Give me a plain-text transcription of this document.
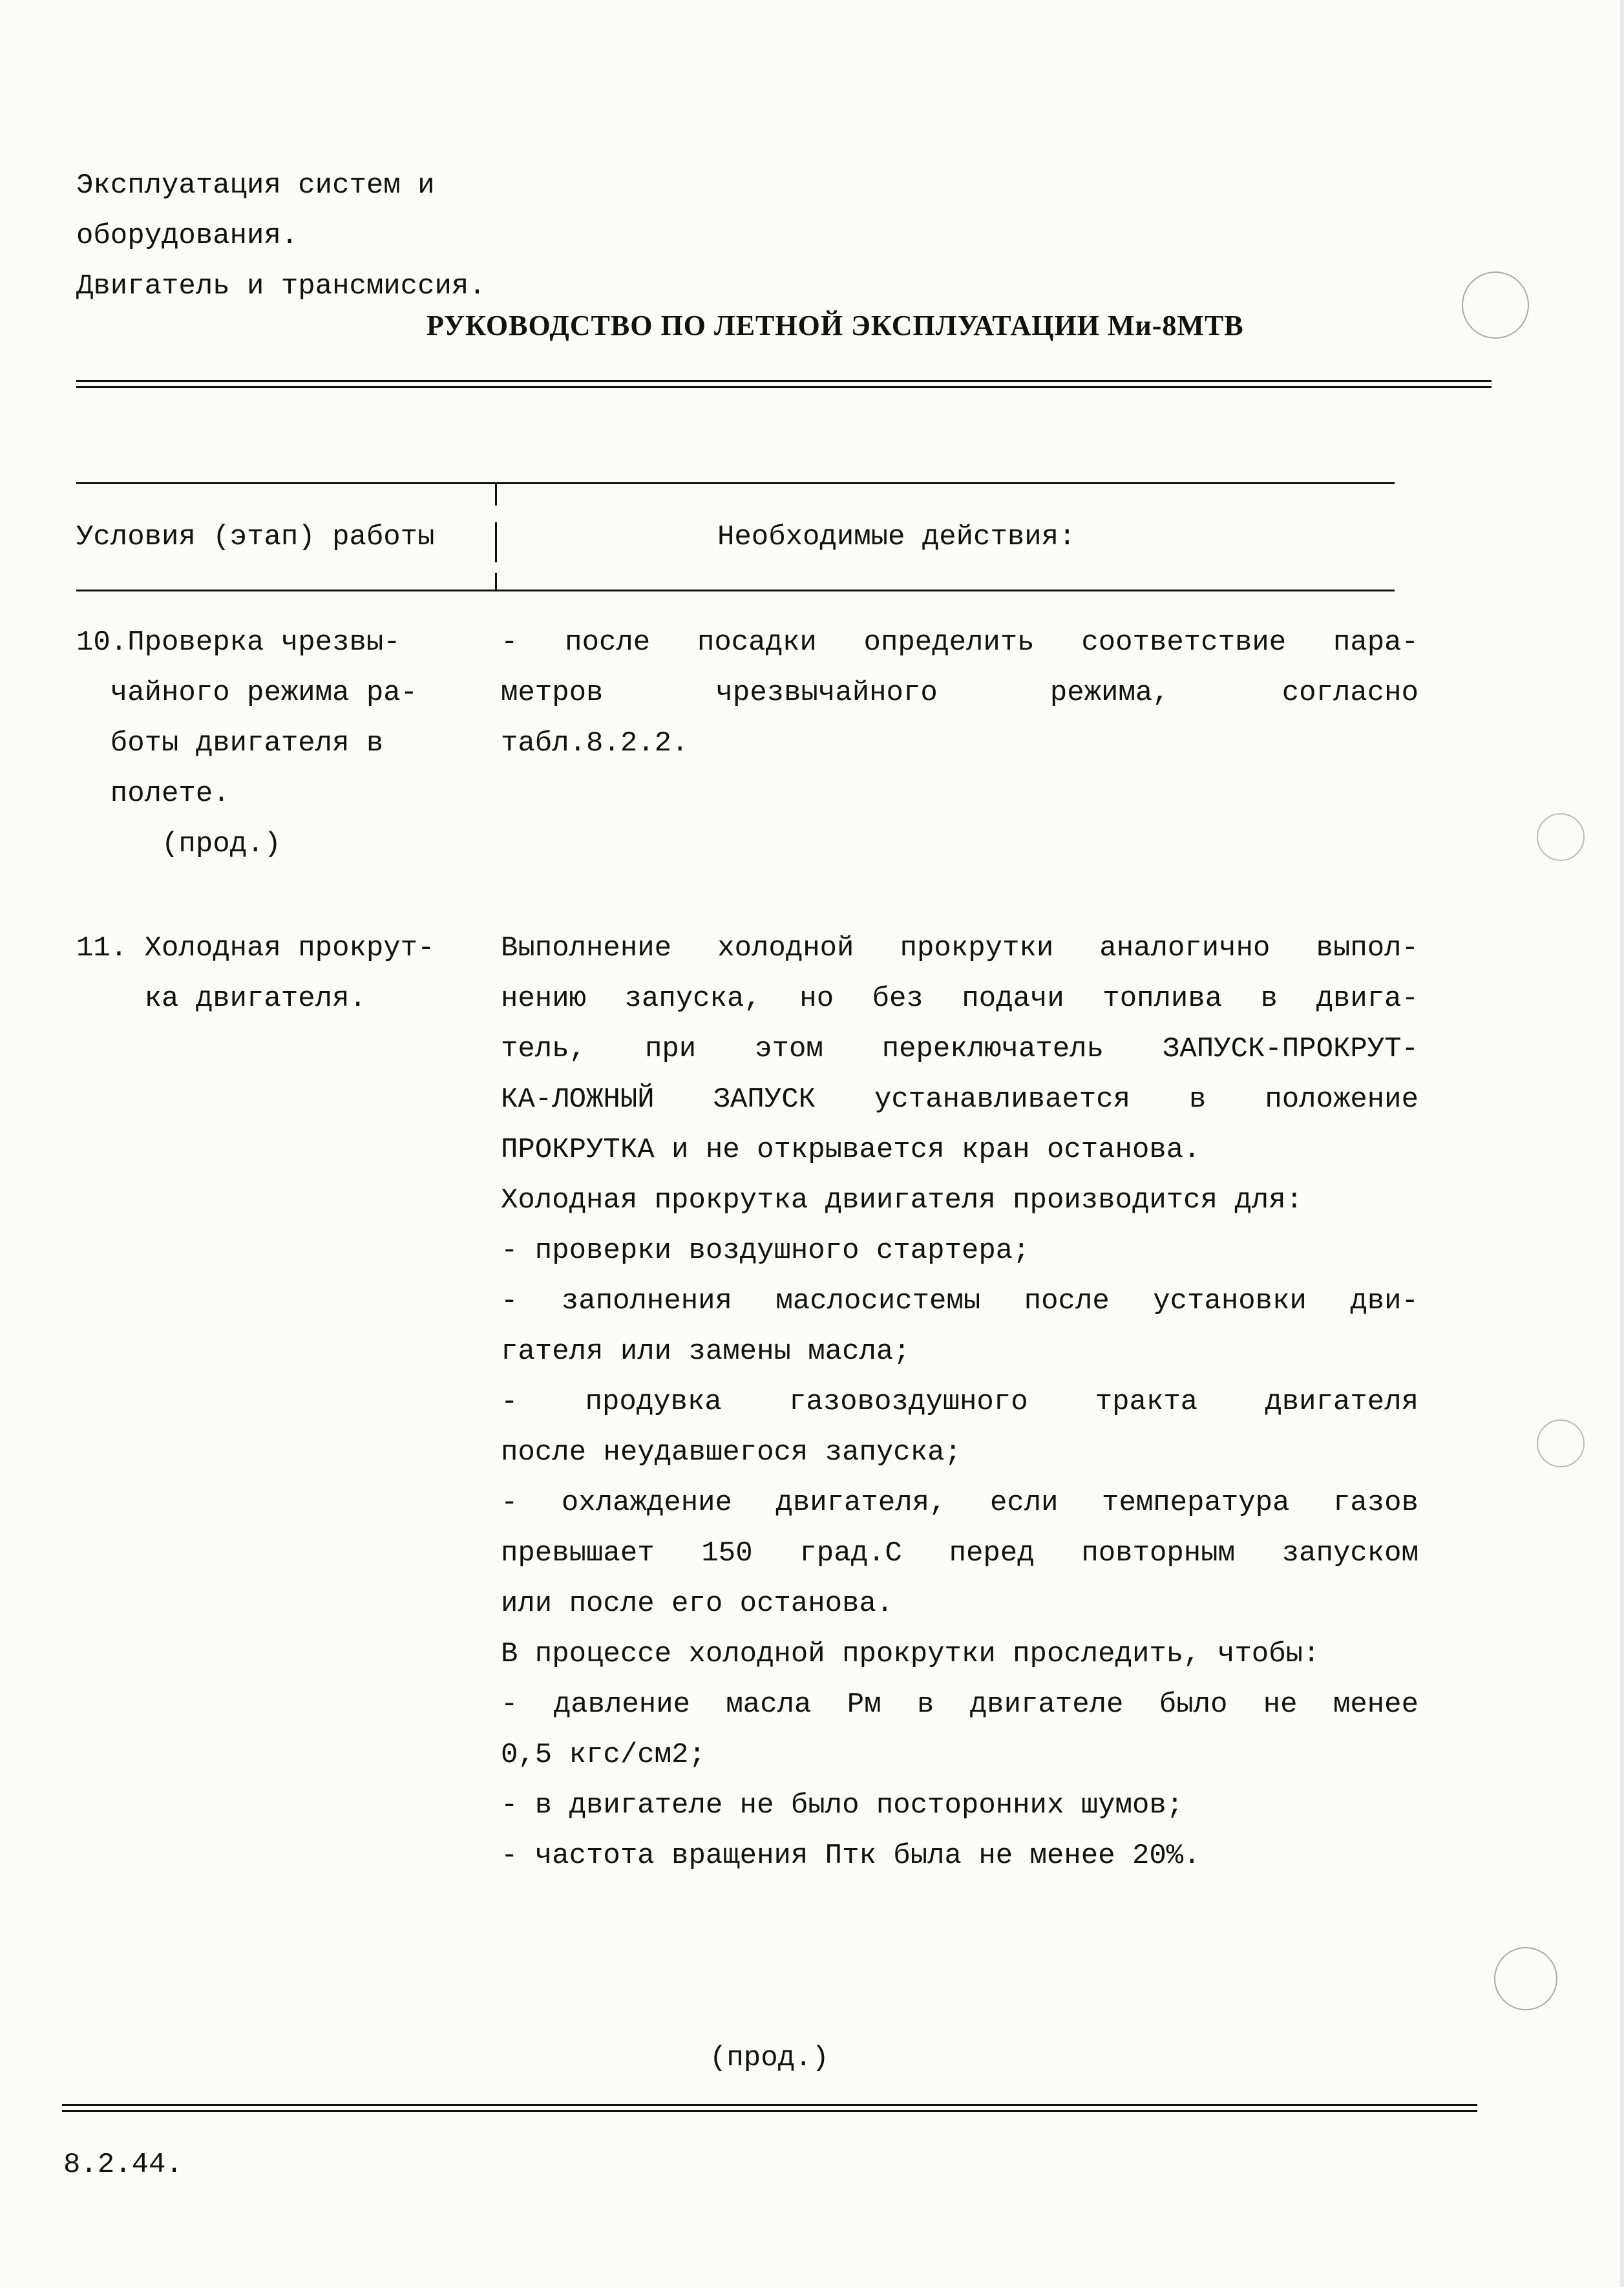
Эксплуатация систем и
оборудования.
Двигатель и трансмиссия.
РУКОВОДСТВО ПО ЛЕТНОЙ ЭКСПЛУАТАЦИИ Ми-8МТВ
Условия (этап) работы	Необходимые действия:
10.Проверка чрезвы-
чайного режима ра-
боты двигателя в
полете.
(прод.)
- после посадки определить соответствие пара-
метров чрезвычайного режима, согласно
табл.8.2.2.
11. Холодная прокрут-
ка двигателя.
Выполнение холодной прокрутки аналогично выпол-
нению запуска, но без подачи топлива в двига-
тель, при этом переключатель ЗАПУСК-ПРОКРУТ-
КА-ЛОЖНЫЙ ЗАПУСК устанавливается в положение
ПРОКРУТКА и не открывается кран останова.
Холодная прокрутка двиигателя производится для:
- проверки воздушного стартера;
- заполнения маслосистемы после установки дви-
гателя или замены масла;
- продувка газовоздушного тракта двигателя
после неудавшегося запуска;
- охлаждение двигателя, если температура газов
превышает 150 град.С перед повторным запуском
или после его останова.
В процессе холодной прокрутки проследить, чтобы:
- давление масла Рм в двигателе было не менее
0,5 кгс/см2;
- в двигателе не было посторонних шумов;
- частота вращения Птк была не менее 20%.
(прод.)
8.2.44.
